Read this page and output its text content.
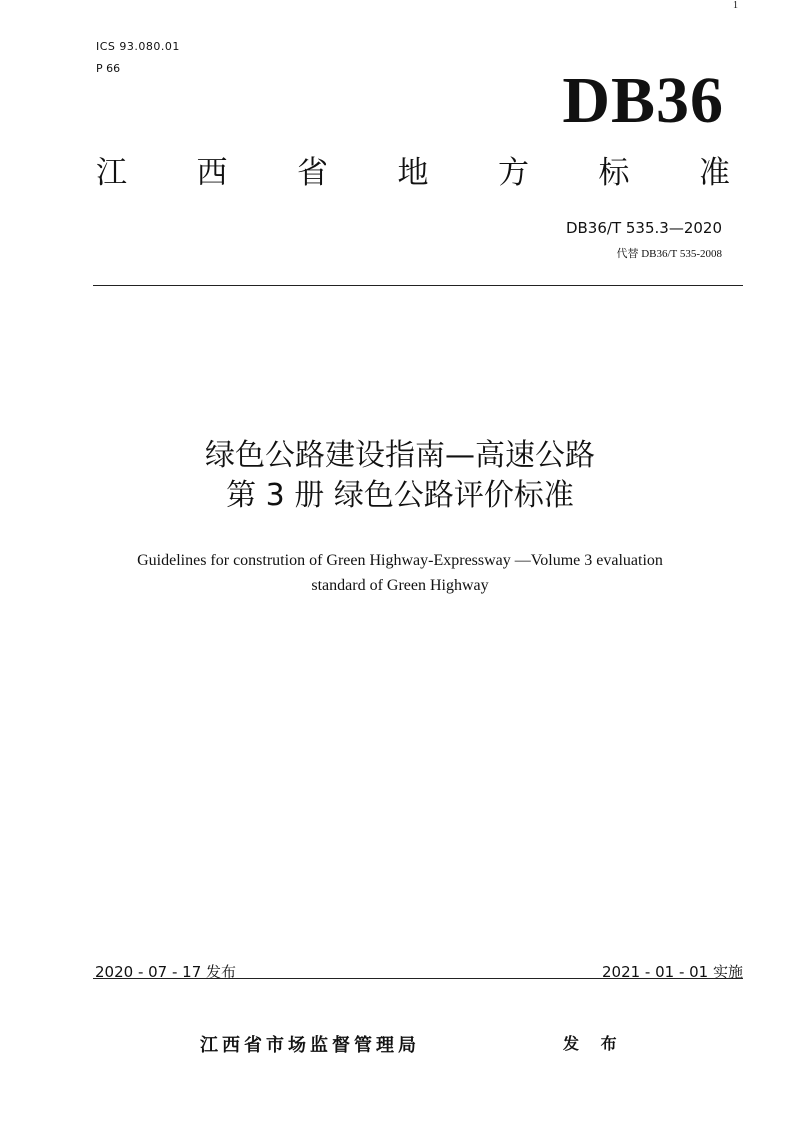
1
ICS 93.080.01
P 66	DB36
江 西 省 地 方 标 准
DB36/T 535.3—2020
代替 DB36/T 535-2008
绿色公路建设指南—高速公路
第 3 册 绿色公路评价标准
Guidelines for constrution of Green Highway-Expressway —Volume 3 evaluation
standard of Green Highway
2020 - 07 - 17 发布	2021 - 01 - 01 实施
江西省市场监督管理局	发 布
